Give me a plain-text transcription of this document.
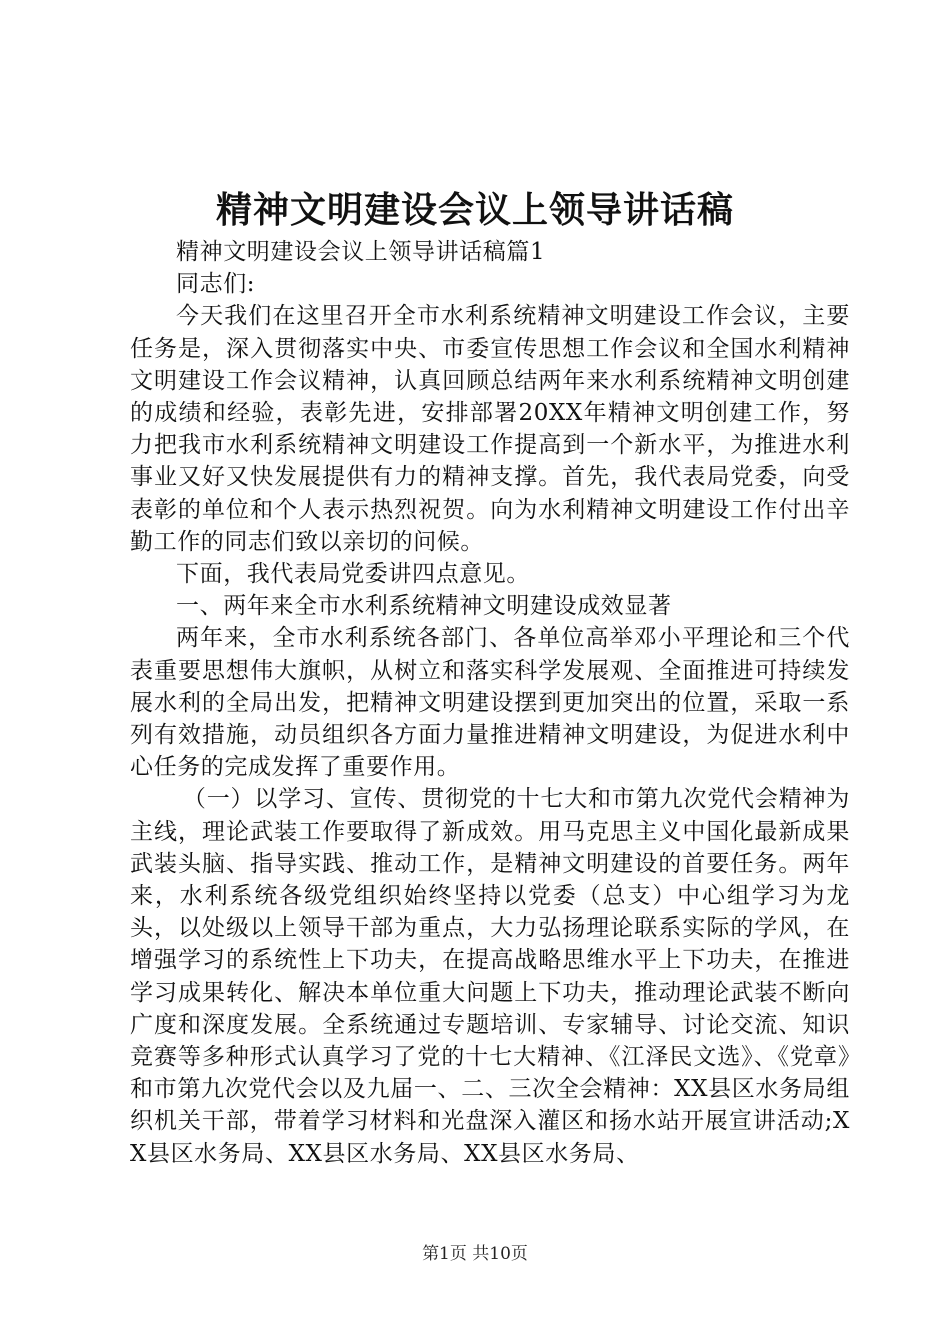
精神文明建设会议上领导讲话稿

精神文明建设会议上领导讲话稿篇1

同志们:

今天我们在这里召开全市水利系统精神文明建设工作会议，主要任务是，深入贯彻落实中央、市委宣传思想工作会议和全国水利精神文明建设工作会议精神，认真回顾总结两年来水利系统精神文明创建的成绩和经验，表彰先进，安排部署20XX年精神文明创建工作，努力把我市水利系统精神文明建设工作提高到一个新水平，为推进水利事业又好又快发展提供有力的精神支撑。首先，我代表局党委，向受表彰的单位和个人表示热烈祝贺。向为水利精神文明建设工作付出辛勤工作的同志们致以亲切的问候。

下面，我代表局党委讲四点意见。

一、两年来全市水利系统精神文明建设成效显著

两年来，全市水利系统各部门、各单位高举邓小平理论和三个代表重要思想伟大旗帜，从树立和落实科学发展观、全面推进可持续发展水利的全局出发，把精神文明建设摆到更加突出的位置，采取一系列有效措施，动员组织各方面力量推进精神文明建设，为促进水利中心任务的完成发挥了重要作用。

（一）以学习、宣传、贯彻党的十七大和市第九次党代会精神为主线，理论武装工作要取得了新成效。用马克思主义中国化最新成果武装头脑、指导实践、推动工作，是精神文明建设的首要任务。两年来，水利系统各级党组织始终坚持以党委（总支）中心组学习为龙头，以处级以上领导干部为重点，大力弘扬理论联系实际的学风，在增强学习的系统性上下功夫，在提高战略思维水平上下功夫，在推进学习成果转化、解决本单位重大问题上下功夫，推动理论武装不断向广度和深度发展。全系统通过专题培训、专家辅导、讨论交流、知识竞赛等多种形式认真学习了党的十七大精神、《江泽民文选》、《党章》和市第九次党代会以及九届一、二、三次全会精神：XX县区水务局组织机关干部，带着学习材料和光盘深入灌区和扬水站开展宣讲活动;XX县区水务局、XX县区水务局、XX县区水务局、

第1页 共10页
